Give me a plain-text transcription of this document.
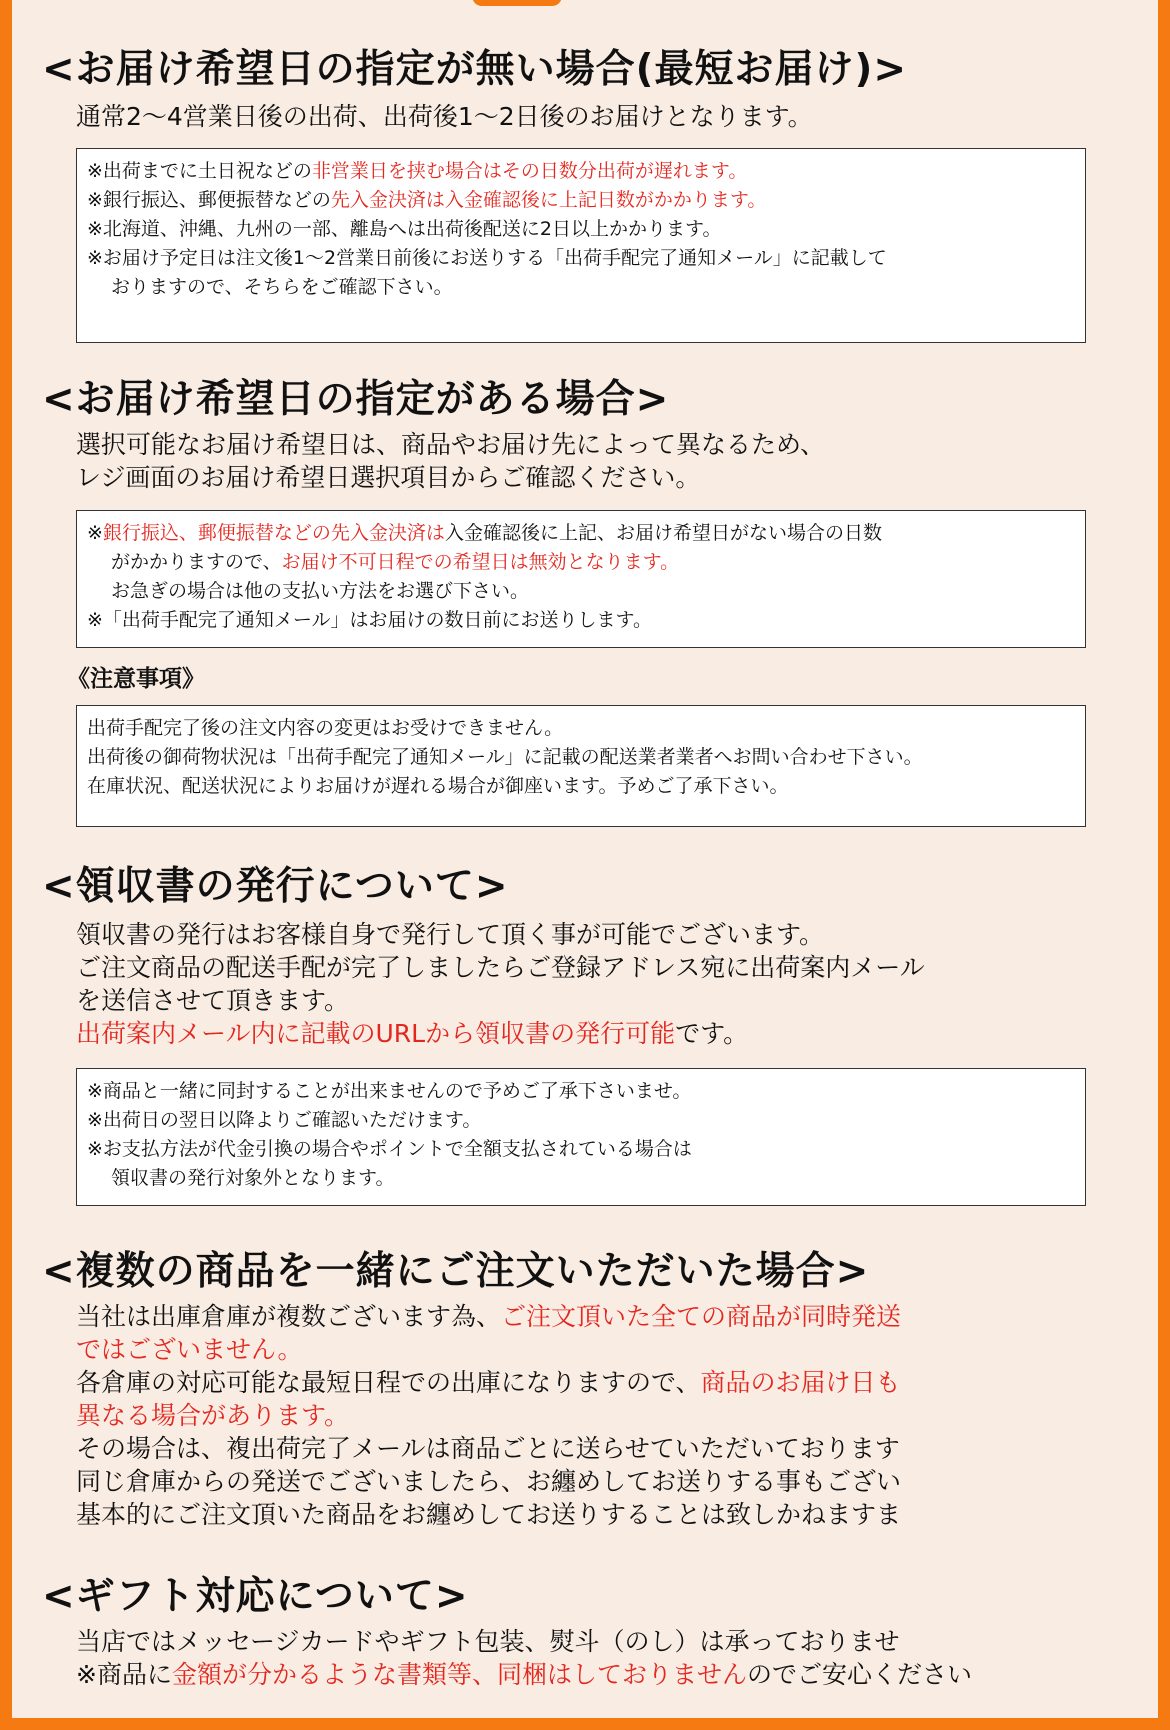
<お届け希望日の指定が無い場合(最短お届け)>
通常2〜4営業日後の出荷、出荷後1〜2日後のお届けとなります。
※出荷までに土日祝などの非営業日を挟む場合はその日数分出荷が遅れます。
※銀行振込、郵便振替などの先入金決済は入金確認後に上記日数がかかります。
※北海道、沖縄、九州の一部、離島へは出荷後配送に2日以上かかります。
※お届け予定日は注文後1〜2営業日前後にお送りする「出荷手配完了通知メール」に記載して
おりますので、そちらをご確認下さい。
<お届け希望日の指定がある場合>
選択可能なお届け希望日は、商品やお届け先によって異なるため、
レジ画面のお届け希望日選択項目からご確認ください。
※銀行振込、郵便振替などの先入金決済は入金確認後に上記、お届け希望日がない場合の日数
がかかりますので、お届け不可日程での希望日は無効となります。
お急ぎの場合は他の支払い方法をお選び下さい。
※「出荷手配完了通知メール」はお届けの数日前にお送りします。
《注意事項》
出荷手配完了後の注文内容の変更はお受けできません。
出荷後の御荷物状況は「出荷手配完了通知メール」に記載の配送業者業者へお問い合わせ下さい。
在庫状況、配送状況によりお届けが遅れる場合が御座います。予めご了承下さい。
<領収書の発行について>
領収書の発行はお客様自身で発行して頂く事が可能でございます。
ご注文商品の配送手配が完了しましたらご登録アドレス宛に出荷案内メール
を送信させて頂きます。
出荷案内メール内に記載のURLから領収書の発行可能です。
※商品と一緒に同封することが出来ませんので予めご了承下さいませ。
※出荷日の翌日以降よりご確認いただけます。
※お支払方法が代金引換の場合やポイントで全額支払されている場合は
領収書の発行対象外となります。
<複数の商品を一緒にご注文いただいた場合>
当社は出庫倉庫が複数ございます為、ご注文頂いた全ての商品が同時発送
ではございません。
各倉庫の対応可能な最短日程での出庫になりますので、商品のお届け日も
異なる場合があります。
その場合は、複出荷完了メールは商品ごとに送らせていただいております
同じ倉庫からの発送でございましたら、お纏めしてお送りする事もござい
基本的にご注文頂いた商品をお纏めしてお送りすることは致しかねますま
<ギフト対応について>
当店ではメッセージカードやギフト包装、熨斗（のし）は承っておりませ
※商品に金額が分かるような書類等、同梱はしておりませんのでご安心ください
